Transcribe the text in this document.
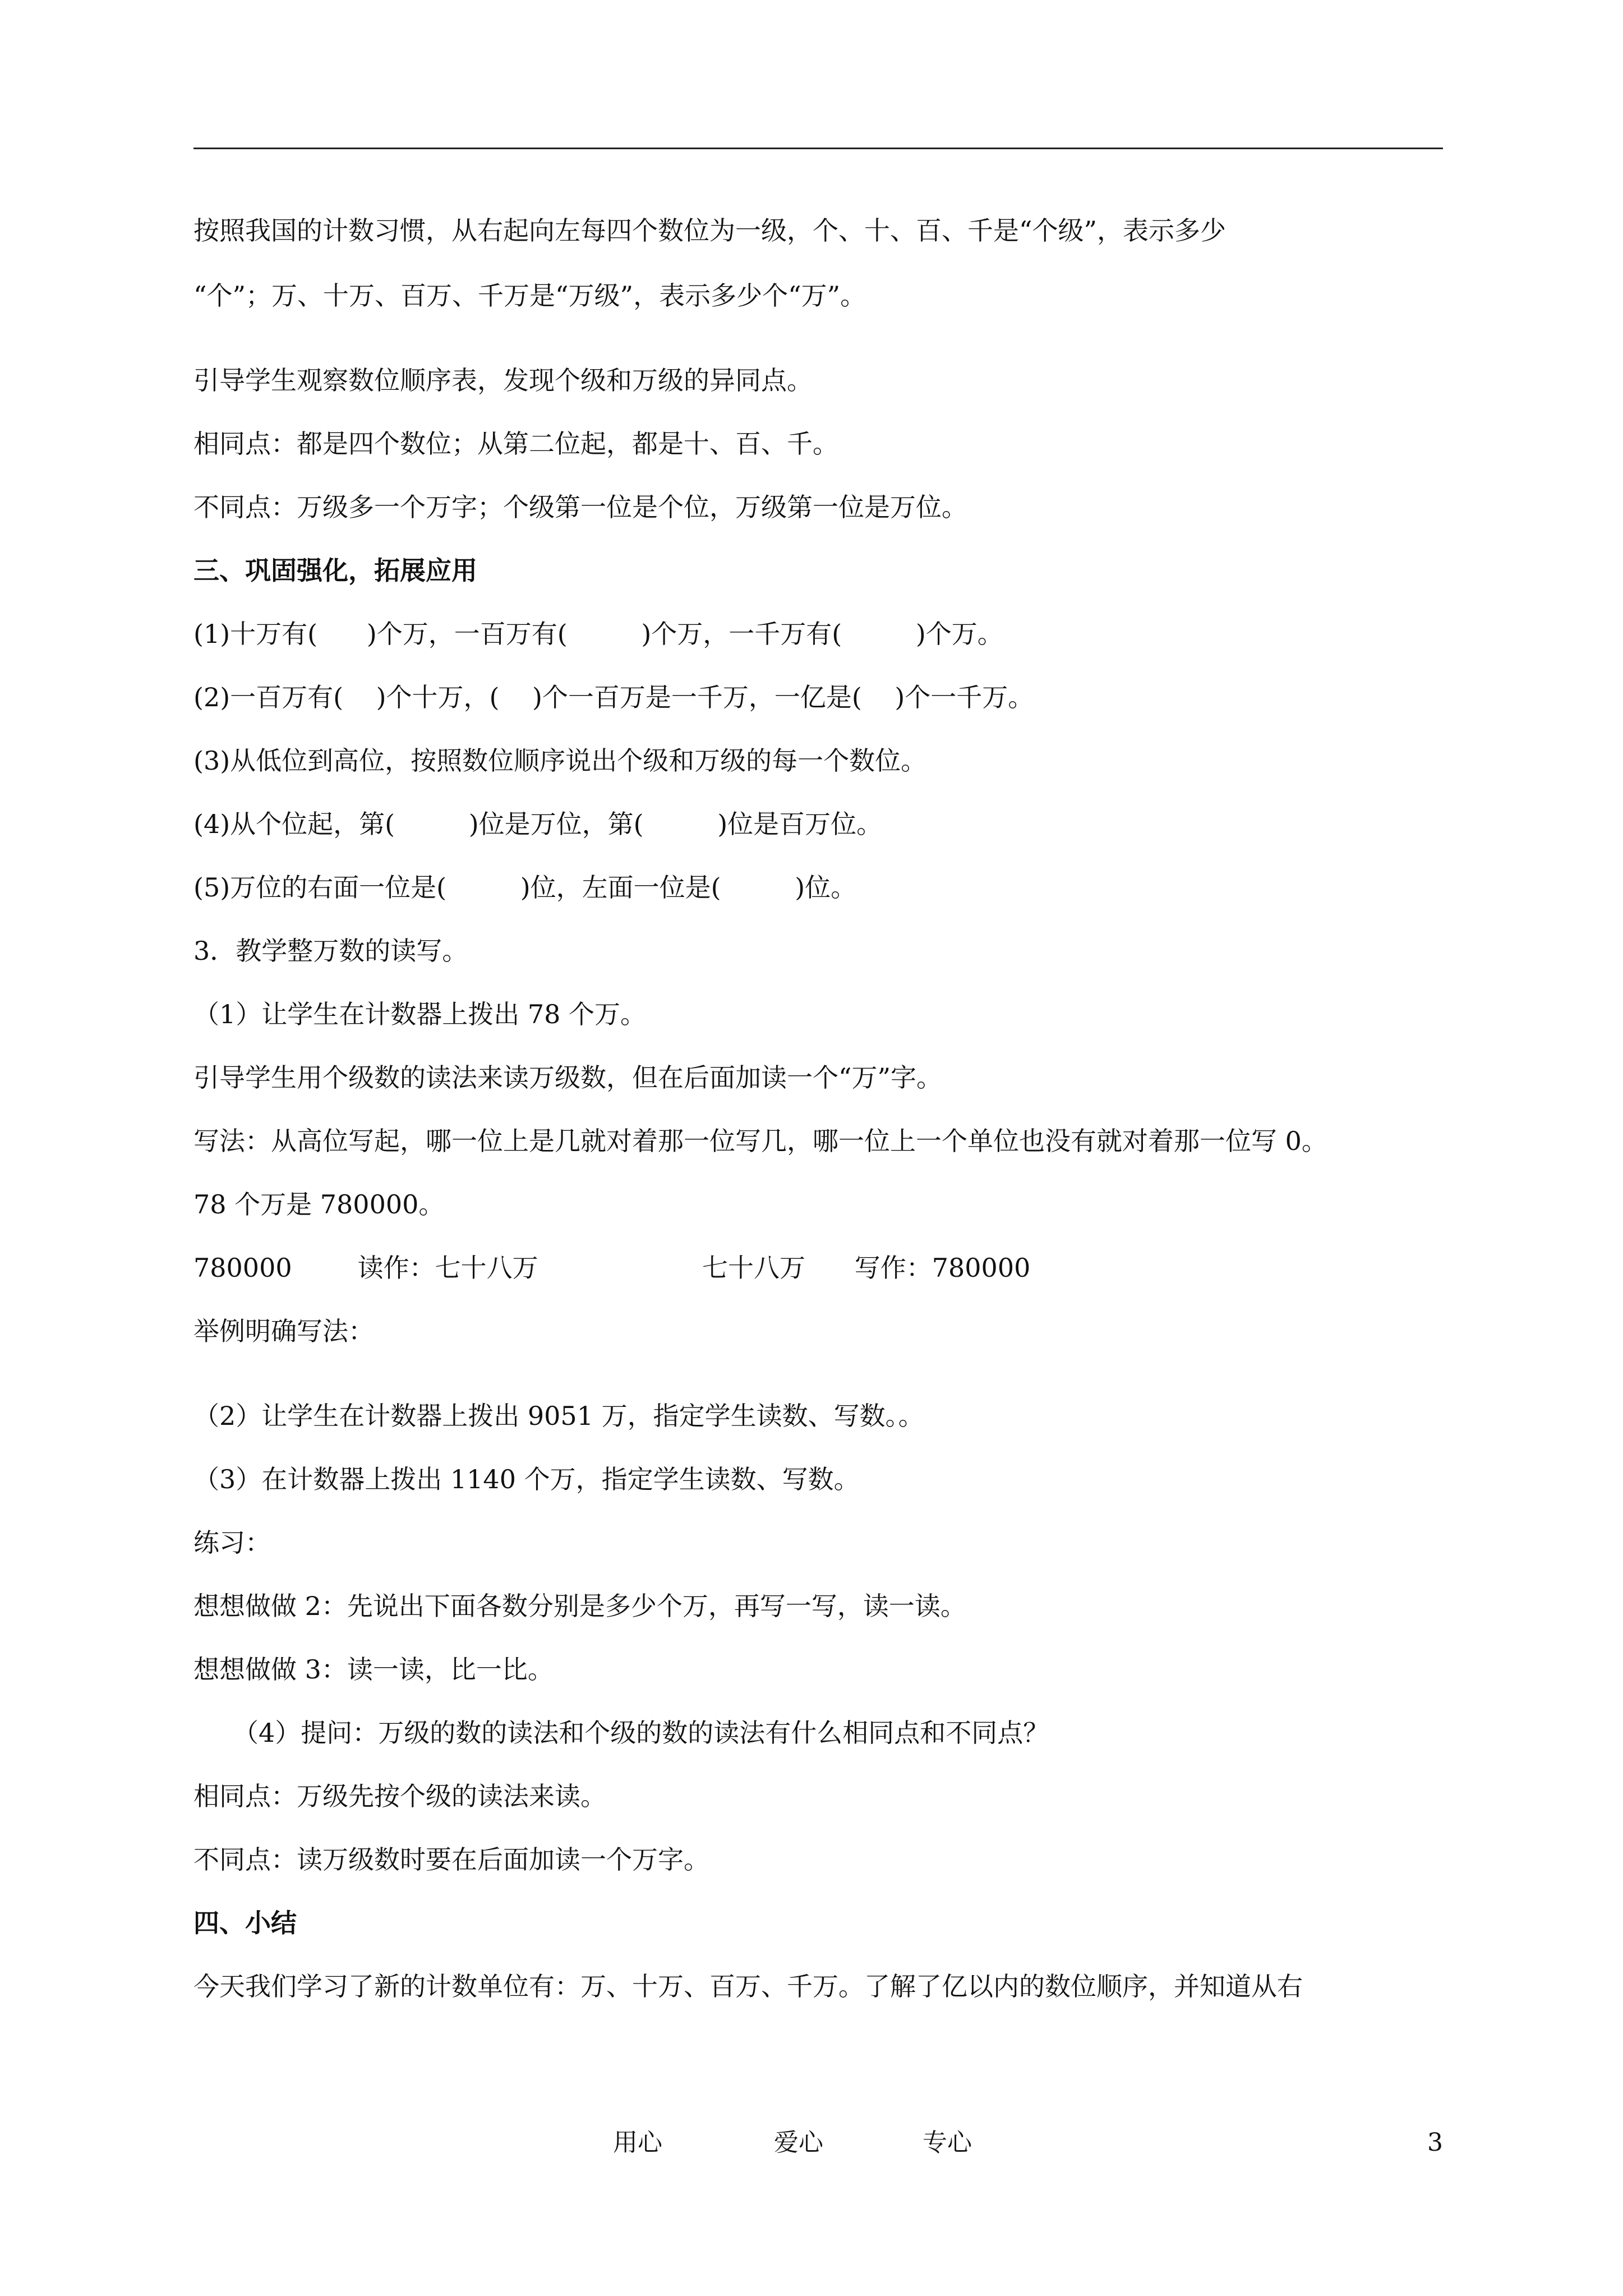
按照我国的计数习惯，从右起向左每四个数位为一级，个、十、百、千是“个级”，表示多少

“个”；万、十万、百万、千万是“万级”，表示多少个“万”。

引导学生观察数位顺序表，发现个级和万级的异同点。

相同点：都是四个数位；从第二位起，都是十、百、千。

不同点：万级多一个万字；个级第一位是个位，万级第一位是万位。

三、巩固强化，拓展应用

(1)十万有(      )个万，一百万有(         )个万，一千万有(         )个万。

(2)一百万有(    )个十万，(    )个一百万是一千万，一亿是(    )个一千万。

(3)从低位到高位，按照数位顺序说出个级和万级的每一个数位。

(4)从个位起，第(         )位是万位，第(         )位是百万位。

(5)万位的右面一位是(         )位，左面一位是(         )位。

3．教学整万数的读写。

（1）让学生在计数器上拨出 78 个万。

引导学生用个级数的读法来读万级数，但在后面加读一个“万”字。

写法：从高位写起，哪一位上是几就对着那一位写几，哪一位上一个单位也没有就对着那一位写 0。

78 个万是 780000。

780000        读作：七十八万                    七十八万      写作：780000

举例明确写法：

（2）让学生在计数器上拨出 9051 万，指定学生读数、写数。。

（3）在计数器上拨出 1140 个万，指定学生读数、写数。

练习：

想想做做 2：先说出下面各数分别是多少个万，再写一写，读一读。

想想做做 3：读一读，比一比。

（4）提问：万级的数的读法和个级的数的读法有什么相同点和不同点？

相同点：万级先按个级的读法来读。

不同点：读万级数时要在后面加读一个万字。

四、小结

今天我们学习了新的计数单位有：万、十万、百万、千万。了解了亿以内的数位顺序，并知道从右

用心	爱心	专心	3
